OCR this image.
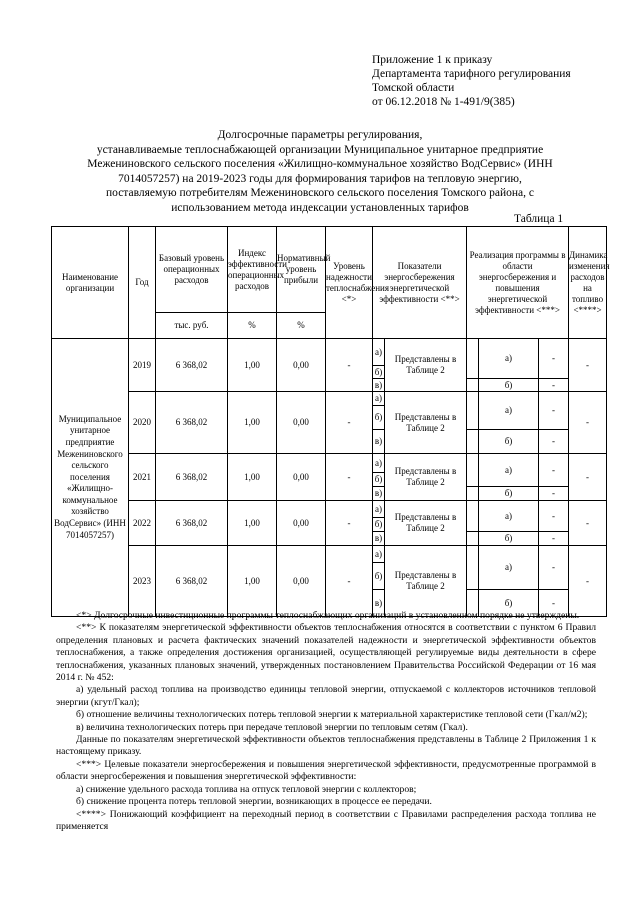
Приложение 1 к приказу
Департамента тарифного регулирования
Томской области
от 06.12.2018 № 1-491/9(385)
Долгосрочные параметры регулирования,
устанавливаемые теплоснабжающей организации Муниципальное унитарное предприятие
Межениновского сельского поселения «Жилищно-коммунальное хозяйство ВодСервис» (ИНН
7014057257) на 2019-2023 годы для формирования тарифов на тепловую энергию,
поставляемую потребителям Межениновского сельского поселения Томского района, с
использованием метода индексации установленных тарифов
Таблица 1
Наименование организации	Год	Базовый уровень операционных расходов	Индекс эффективности операционных расходов	Нормативный уровень прибыли	Уровень надежности теплоснабжения <*>	Показатели энергосбережения энергетической эффективности <**>		Реализация программы в области энергосбережения и повышения энергетической эффективности <***>			Динамика изменения расходов на топливо <****>
		тыс. руб.	%	%							
Муниципальное унитарное предприятие Межениновского сельского поселения «Жилищно-коммунальное хозяйство ВодСервис» (ИНН 7014057257)	2019	6 368,02	1,00	0,00	-	а)	Представлены в Таблице 2		а)	-	-
						б)					
						в)			б)	-	
	2020	6 368,02	1,00	0,00	-	а)	Представлены в Таблице 2		а)	-	-
						б)					
						в)			б)	-	
	2021	6 368,02	1,00	0,00	-	а)	Представлены в Таблице 2		а)	-	-
						б)					
						в)			б)	-	
	2022	6 368,02	1,00	0,00	-	а)	Представлены в Таблице 2		а)	-	-
						б)					
						в)			б)	-	
	2023	6 368,02	1,00	0,00	-	а)	Представлены в Таблице 2		а)	-	-
						б)					
						в)			б)	-	

<*> Долгосрочные инвестиционные программы теплоснабжающих организаций в установленном порядке не утверждены.

<**> К показателям энергетической эффективности объектов теплоснабжения относятся в соответствии с пунктом 6 Правил определения плановых и расчета фактических значений показателей надежности и энергетической эффективности объектов теплоснабжения, а также определения достижения организацией, осуществляющей регулируемые виды деятельности в сфере теплоснабжения, указанных плановых значений, утвержденных постановлением Правительства Российской Федерации от 16 мая 2014 г. № 452:

а) удельный расход топлива на производство единицы тепловой энергии, отпускаемой с коллекторов источников тепловой энергии (кгут/Гкал);

б) отношение величины технологических потерь тепловой энергии к материальной характеристике тепловой сети (Гкал/м2);

в) величина технологических потерь при передаче тепловой энергии по тепловым сетям (Гкал).

Данные по показателям энергетической эффективности объектов теплоснабжения представлены в Таблице 2 Приложения 1 к настоящему приказу.

<***> Целевые показатели энергосбережения и повышения энергетической эффективности, предусмотренные программой в области энергосбережения и повышения энергетической эффективности:

а) снижение удельного расхода топлива на отпуск тепловой энергии с коллекторов;

б) снижение процента потерь тепловой энергии, возникающих в процессе ее передачи.

<****> Понижающий коэффициент на переходный период в соответствии с Правилами распределения расхода топлива не применяется
